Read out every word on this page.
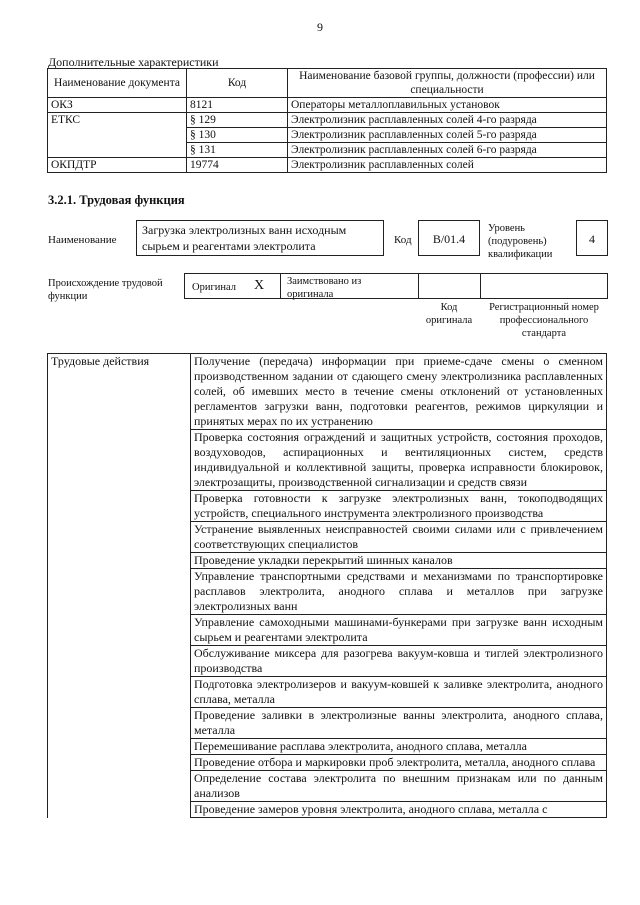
9
Дополнительные характеристики
Наименование документа	Код	Наименование базовой группы, должности (профессии) или специальности
ОКЗ	8121	Операторы металлоплавильных установок
ЕТКС	§ 129	Электролизник расплавленных солей 4-го разряда
	§ 130	Электролизник расплавленных солей 5-го разряда
	§ 131	Электролизник расплавленных солей 6-го разряда
ОКПДТР	19774	Электролизник расплавленных солей
3.2.1. Трудовая функция
Наименование
Загрузка электролизных ванн исходным сырьем и реагентами электролита	Код	B/01.4
Уровень (подуровень) квалификации
4
Происхождение трудовой функции
Оригинал X Заимствовано из оригинала
Код оригинала
Регистрационный номер профессионального стандарта
Трудовые действия	Получение (передача) информации при приеме-сдаче смены о сменном производственном задании от сдающего смену электролизника расплавленных солей, об имевших место в течение смены отклонений от установленных регламентов загрузки ванн, подготовки реагентов, режимов циркуляции и принятых мерах по их устранению
Проверка состояния ограждений и защитных устройств, состояния проходов, воздуховодов, аспирационных и вентиляционных систем, средств индивидуальной и коллективной защиты, проверка исправности блокировок, электрозащиты, производственной сигнализации и средств связи
Проверка готовности к загрузке электролизных ванн, токоподводящих устройств, специального инструмента электролизного производства
Устранение выявленных неисправностей своими силами или с привлечением соответствующих специалистов
Проведение укладки перекрытий шинных каналов
Управление транспортными средствами и механизмами по транспортировке расплавов электролита, анодного сплава и металлов при загрузке электролизных ванн
Управление самоходными машинами-бункерами при загрузке ванн исходным сырьем и реагентами электролита
Обслуживание миксера для разогрева вакуум-ковша и тиглей электролизного производства
Подготовка электролизеров и вакуум-ковшей к заливке электролита, анодного сплава, металла
Проведение заливки в электролизные ванны электролита, анодного сплава, металла
Перемешивание расплава электролита, анодного сплава, металла
Проведение отбора и маркировки проб электролита, металла, анодного сплава
Определение состава электролита по внешним признакам или по данным анализов
Проведение замеров уровня электролита, анодного сплава, металла с
